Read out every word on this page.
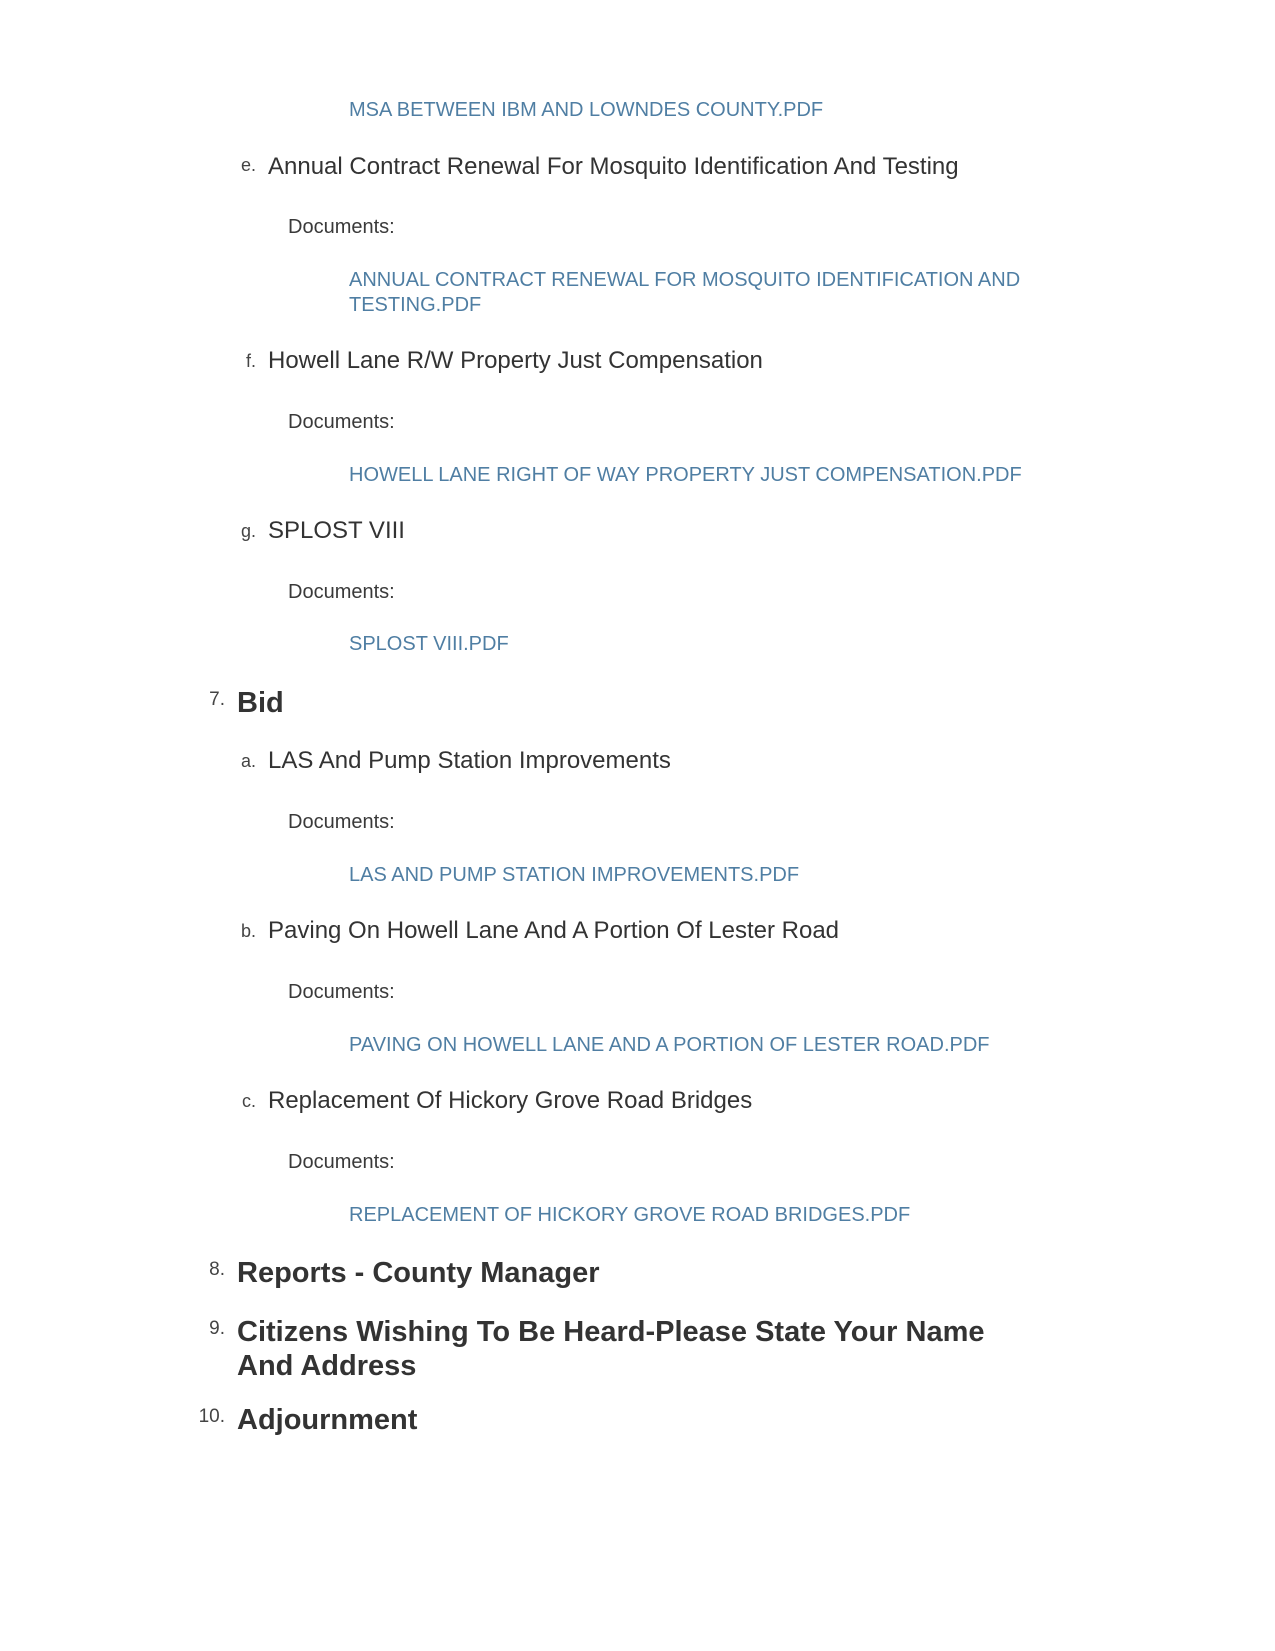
MSA BETWEEN IBM AND LOWNDES COUNTY.PDF
e. Annual Contract Renewal For Mosquito Identification And Testing
Documents:
ANNUAL CONTRACT RENEWAL FOR MOSQUITO IDENTIFICATION AND
TESTING.PDF
f. Howell Lane R/W Property Just Compensation
Documents:
HOWELL LANE RIGHT OF WAY PROPERTY JUST COMPENSATION.PDF
g. SPLOST VIII
Documents:
SPLOST VIII.PDF
7. Bid
a. LAS And Pump Station Improvements
Documents:
LAS AND PUMP STATION IMPROVEMENTS.PDF
b. Paving On Howell Lane And A Portion Of Lester Road
Documents:
PAVING ON HOWELL LANE AND A PORTION OF LESTER ROAD.PDF
c. Replacement Of Hickory Grove Road Bridges
Documents:
REPLACEMENT OF HICKORY GROVE ROAD BRIDGES.PDF
8. Reports - County Manager
9. Citizens Wishing To Be Heard-Please State Your Name
And Address
10. Adjournment
